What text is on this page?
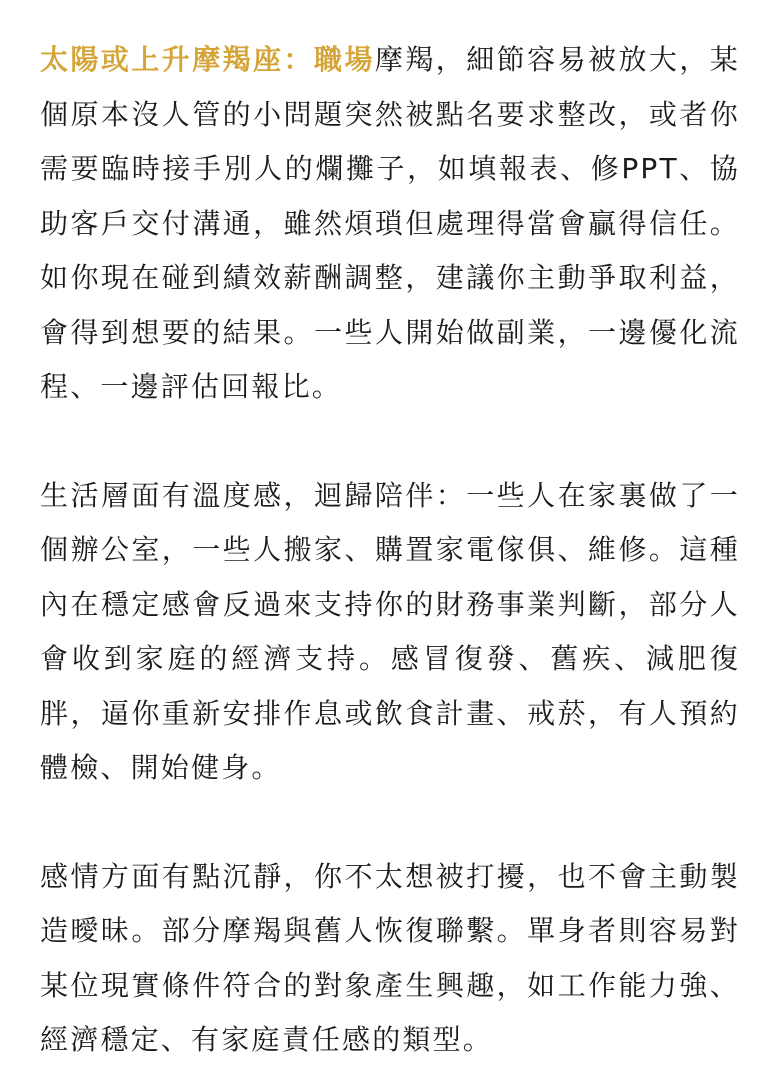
太陽或上升摩羯座：職場摩羯，細節容易被放大，某個原本沒人管的小問題突然被點名要求整改，或者你需要臨時接手別人的爛攤子，如填報表、修PPT、協助客戶交付溝通，雖然煩瑣但處理得當會贏得信任。如你現在碰到績效薪酬調整，建議你主動爭取利益，會得到想要的結果。一些人開始做副業，一邊優化流程、一邊評估回報比。

生活層面有溫度感，迴歸陪伴：一些人在家裏做了一個辦公室，一些人搬家、購置家電傢俱、維修。這種內在穩定感會反過來支持你的財務事業判斷，部分人會收到家庭的經濟支持。感冒復發、舊疾、減肥復胖，逼你重新安排作息或飲食計畫、戒菸，有人預約體檢、開始健身。

感情方面有點沉靜，你不太想被打擾，也不會主動製造曖昧。部分摩羯與舊人恢復聯繫。單身者則容易對某位現實條件符合的對象產生興趣，如工作能力強、經濟穩定、有家庭責任感的類型。
